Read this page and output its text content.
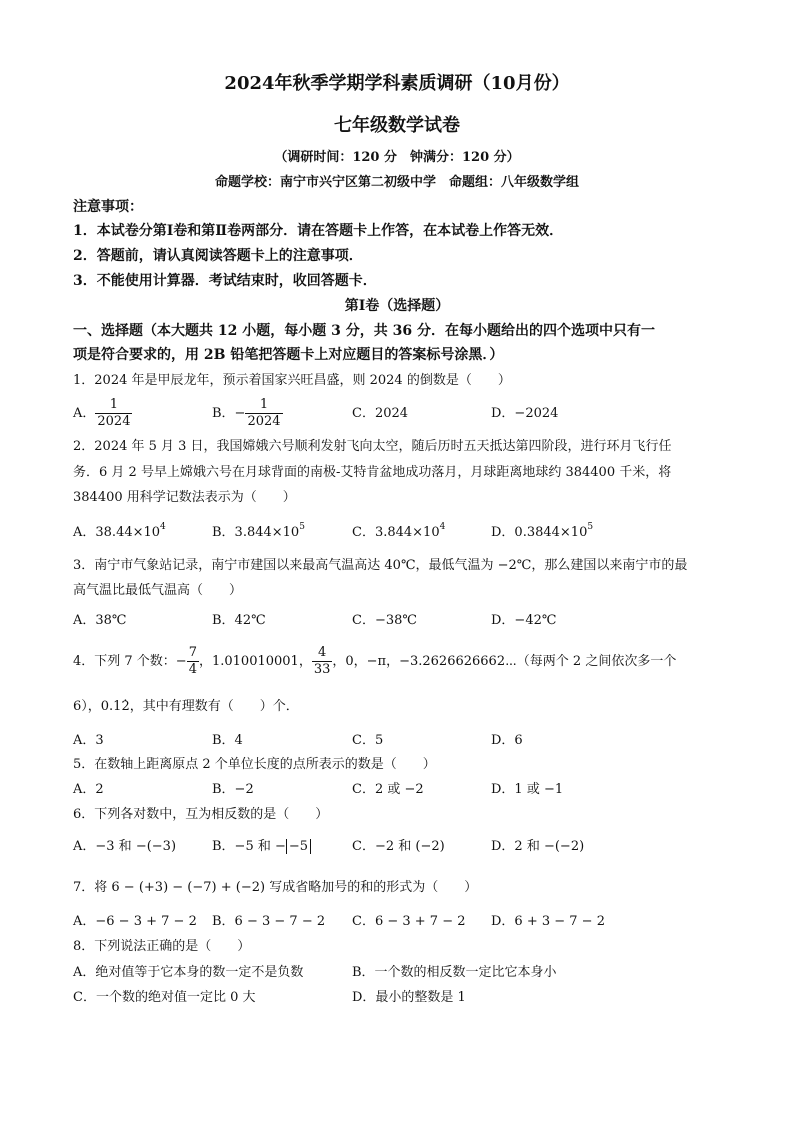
2024年秋季学期学科素质调研（10月份）
七年级数学试卷
（调研时间：120 分　钟满分：120 分）
命题学校：南宁市兴宁区第二初级中学　命题组：八年级数学组
注意事项：
1．本试卷分第Ⅰ卷和第Ⅱ卷两部分．请在答题卡上作答，在本试卷上作答无效．
2．答题前，请认真阅读答题卡上的注意事项．
3．不能使用计算器．考试结束时，收回答题卡．
第Ⅰ卷（选择题）
一、选择题（本大题共 12 小题，每小题 3 分，共 36 分．在每小题给出的四个选项中只有一
项是符合要求的，用 2B 铅笔把答题卡上对应题目的答案标号涂黑．）
1．2024 年是甲辰龙年，预示着国家兴旺昌盛，则 2024 的倒数是（　　）
A． $\frac{1}{2024}$	B．− $\frac{1}{2024}$	C．2024	D．−2024
2．2024 年 5 月 3 日，我国嫦娥六号顺利发射飞向太空，随后历时五天抵达第四阶段，进行环月飞行任
务．6 月 2 号早上嫦娥六号在月球背面的南极-艾特肯盆地成功落月，月球距离地球约 384400 千米，将
384400 用科学记数法表示为（　　）
A．$38.44\times 10^4$	B．$3.844\times 10^5$	C．$3.844\times 10^4$	D．$0.3844\times 10^5$
3．南宁市气象站记录，南宁市建国以来最高气温高达 40℃，最低气温为 −2℃，那么建国以来南宁市的最
高气温比最低气温高（　　）
A．38℃	B．42℃	C．−38℃	D．−42℃
4．下列 7 个数：− $\frac{7}{4}$ ，1.010010001， $\frac{4}{33}$ ，0，−π，−3.2626626662⋯（每两个 2 之间依次多一个
6），0.1. 2，其中有理数有（　　）个．
A．3	B．4	C．5	D．6
5．在数轴上距离原点 2 个单位长度的点所表示的数是（　　）
A．2	B．−2	C．2 或 −2	D．1 或 −1
6．下列各对数中，互为相反数的是（　　）
A．−3 和 −(−3)	B．−5 和 − −5	C．−2 和 (−2)	D．2 和 −(−2)
7．将 6 − (+3) − (−7) + (−2) 写成省略加号的和的形式为（　　）
A．−6 − 3 + 7 − 2 B．6 − 3 − 7 − 2 C．6 − 3 + 7 − 2 D．6 + 3 − 7 − 2
8．下列说法正确的是（　　）
A．绝对值等于它本身的数一定不是负数	B．一个数的相反数一定比它本身小
C．一个数的绝对值一定比 0 大	D．最小的整数是 1
